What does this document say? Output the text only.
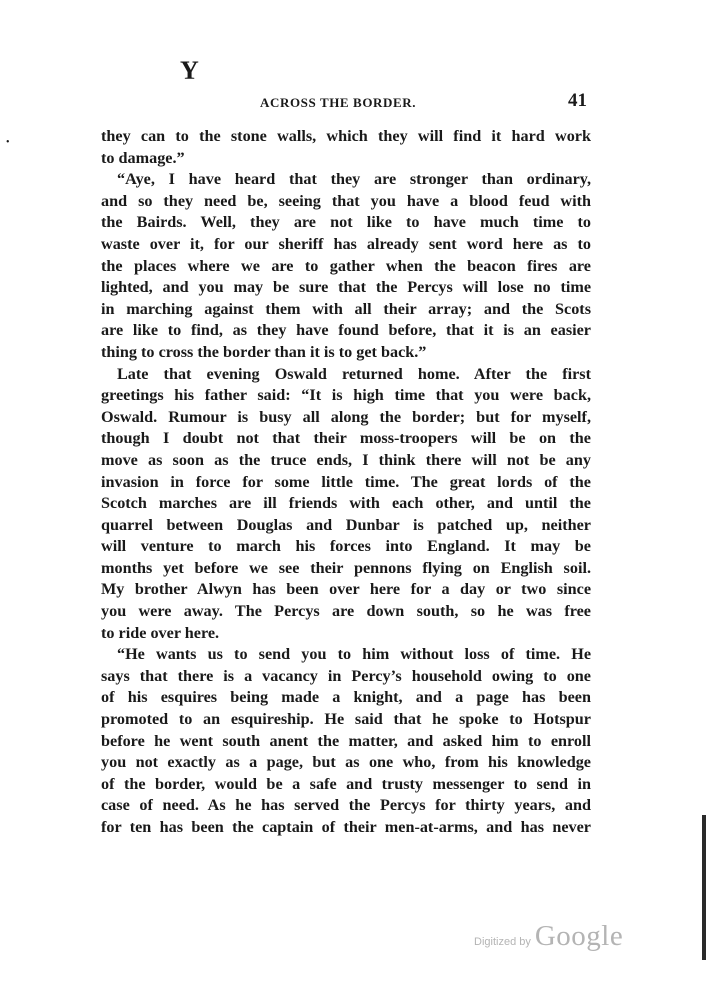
Υ
•
ACROSS THE BORDER.	41
they can to the stone walls, which they will find it hard work
to damage.”
“Aye, I have heard that they are stronger than ordinary,
and so they need be, seeing that you have a blood feud with
the Bairds. Well, they are not like to have much time to
waste over it, for our sheriff has already sent word here as to
the places where we are to gather when the beacon fires are
lighted, and you may be sure that the Percys will lose no time
in marching against them with all their array; and the Scots
are like to find, as they have found before, that it is an easier
thing to cross the border than it is to get back.”
Late that evening Oswald returned home. After the first
greetings his father said: “It is high time that you were back,
Oswald. Rumour is busy all along the border; but for myself,
though I doubt not that their moss-troopers will be on the
move as soon as the truce ends, I think there will not be any
invasion in force for some little time. The great lords of the
Scotch marches are ill friends with each other, and until the
quarrel between Douglas and Dunbar is patched up, neither
will venture to march his forces into England. It may be
months yet before we see their pennons flying on English soil.
My brother Alwyn has been over here for a day or two since
you were away. The Percys are down south, so he was free
to ride over here.
“He wants us to send you to him without loss of time. He
says that there is a vacancy in Percy’s household owing to one
of his esquires being made a knight, and a page has been
promoted to an esquireship. He said that he spoke to Hotspur
before he went south anent the matter, and asked him to enroll
you not exactly as a page, but as one who, from his knowledge
of the border, would be a safe and trusty messenger to send in
case of need. As he has served the Percys for thirty years, and
for ten has been the captain of their men-at-arms, and has never
Digitized by Google
